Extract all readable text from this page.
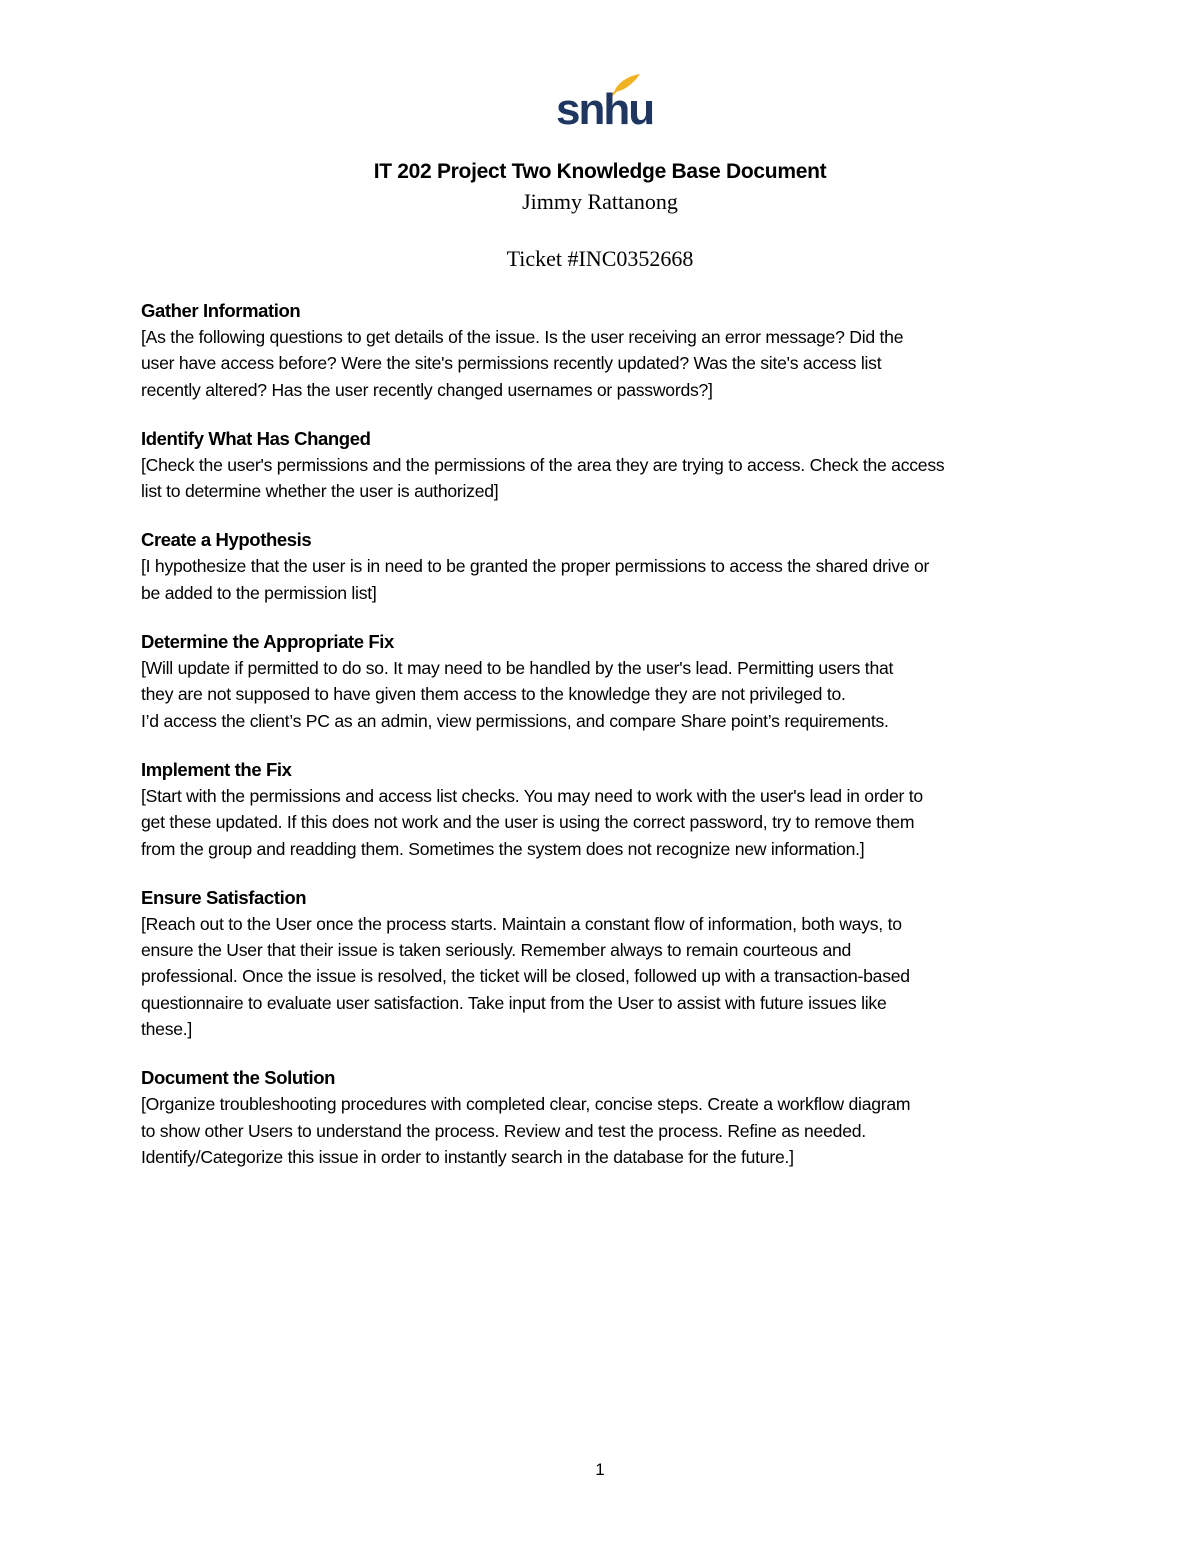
snhu
IT 202 Project Two Knowledge Base Document
Jimmy Rattanong
Ticket #INC0352668

Gather Information

[As the following questions to get details of the issue. Is the user receiving an error message? Did the

user have access before? Were the site's permissions recently updated? Was the site's access list

recently altered? Has the user recently changed usernames or passwords?]

Identify What Has Changed

[Check the user's permissions and the permissions of the area they are trying to access. Check the access

list to determine whether the user is authorized]

Create a Hypothesis

[I hypothesize that the user is in need to be granted the proper permissions to access the shared drive or

be added to the permission list]

Determine the Appropriate Fix

[Will update if permitted to do so. It may need to be handled by the user's lead. Permitting users that

they are not supposed to have given them access to the knowledge they are not privileged to.

I’d access the client’s PC as an admin, view permissions, and compare Share point’s requirements.

Implement the Fix

[Start with the permissions and access list checks. You may need to work with the user's lead in order to

get these updated. If this does not work and the user is using the correct password, try to remove them

from the group and readding them. Sometimes the system does not recognize new information.]

Ensure Satisfaction

[Reach out to the User once the process starts. Maintain a constant flow of information, both ways, to

ensure the User that their issue is taken seriously. Remember always to remain courteous and

professional. Once the issue is resolved, the ticket will be closed, followed up with a transaction-based

questionnaire to evaluate user satisfaction. Take input from the User to assist with future issues like

these.]

Document the Solution

[Organize troubleshooting procedures with completed clear, concise steps. Create a workflow diagram

to show other Users to understand the process. Review and test the process. Refine as needed.

Identify/Categorize this issue in order to instantly search in the database for the future.]

1
